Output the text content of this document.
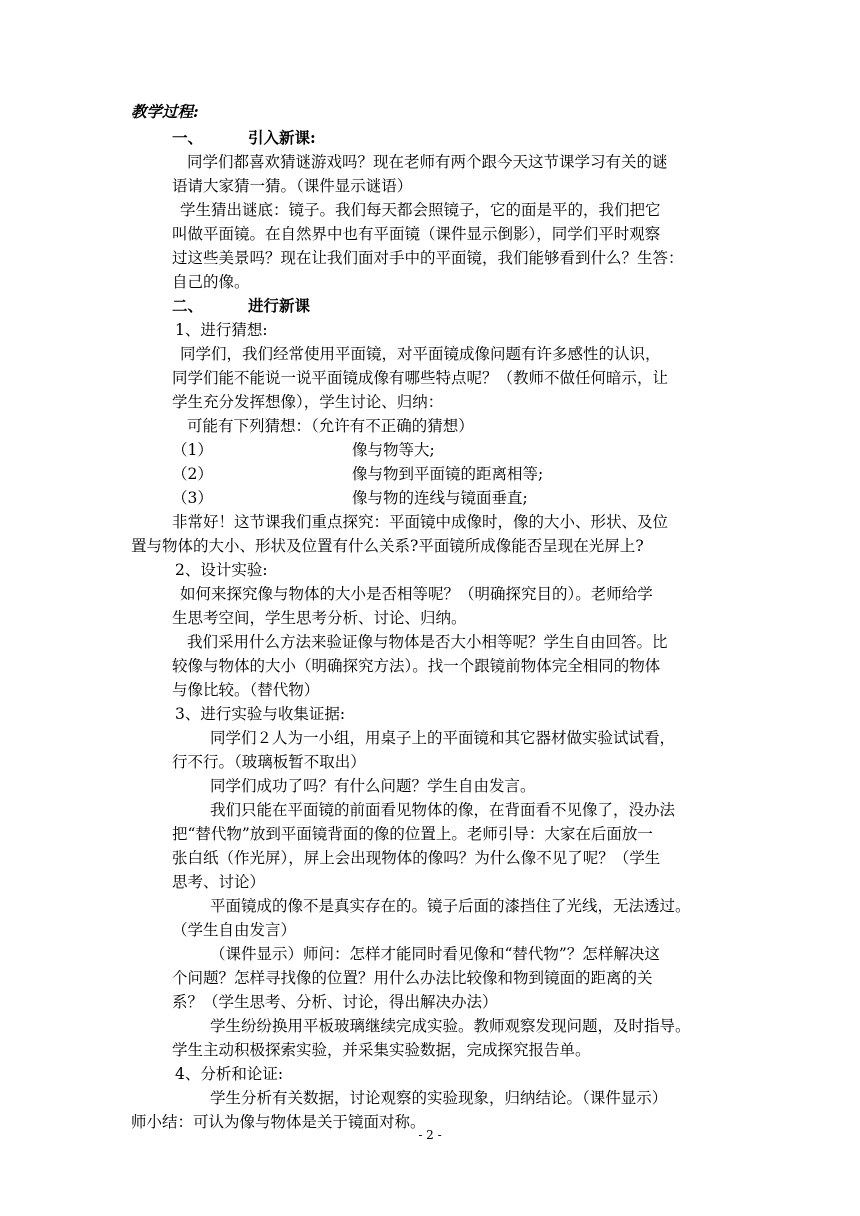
教学过程:
一、	引入新课:
同学们都喜欢猜谜游戏吗？现在老师有两个跟今天这节课学习有关的谜
语请大家猜一猜。（课件显示谜语）
学生猜出谜底：镜子。我们每天都会照镜子，它的面是平的，我们把它
叫做平面镜。在自然界中也有平面镜（课件显示倒影），同学们平时观察
过这些美景吗？现在让我们面对手中的平面镜，我们能够看到什么？生答：
自己的像。
二、	进行新课
1、进行猜想:
同学们，我们经常使用平面镜，对平面镜成像问题有许多感性的认识，
同学们能不能说一说平面镜成像有哪些特点呢？（教师不做任何暗示，让
学生充分发挥想像），学生讨论、归纳：
可能有下列猜想：（允许有不正确的猜想）
（1）	像与物等大;
（2）	像与物到平面镜的距离相等;
（3）	像与物的连线与镜面垂直;
非常好！这节课我们重点探究：平面镜中成像时，像的大小、形状、及位
置与物体的大小、形状及位置有什么关系?平面镜所成像能否呈现在光屏上?
2、设计实验:
如何来探究像与物体的大小是否相等呢？（明确探究目的）。老师给学
生思考空间，学生思考分析、讨论、归纳。
我们采用什么方法来验证像与物体是否大小相等呢？学生自由回答。比
较像与物体的大小（明确探究方法）。找一个跟镜前物体完全相同的物体
与像比较。（替代物）
3、进行实验与收集证据:
同学们２人为一小组，用桌子上的平面镜和其它器材做实验试试看，
行不行。（玻璃板暂不取出）
同学们成功了吗？有什么问题？学生自由发言。
我们只能在平面镜的前面看见物体的像，在背面看不见像了，没办法
把“替代物”放到平面镜背面的像的位置上。老师引导：大家在后面放一
张白纸（作光屏），屏上会出现物体的像吗？为什么像不见了呢？（学生
思考、讨论）
平面镜成的像不是真实存在的。镜子后面的漆挡住了光线，无法透过。
（学生自由发言）
（课件显示）师问：怎样才能同时看见像和“替代物”？怎样解决这
个问题？怎样寻找像的位置？用什么办法比较像和物到镜面的距离的关
系？（学生思考、分析、讨论，得出解决办法）
学生纷纷换用平板玻璃继续完成实验。教师观察发现问题，及时指导。
学生主动积极探索实验，并采集实验数据，完成探究报告单。
4、分析和论证:
学生分析有关数据，讨论观察的实验现象，归纳结论。（课件显示）
师小结：可认为像与物体是关于镜面对称。
- 2 -
